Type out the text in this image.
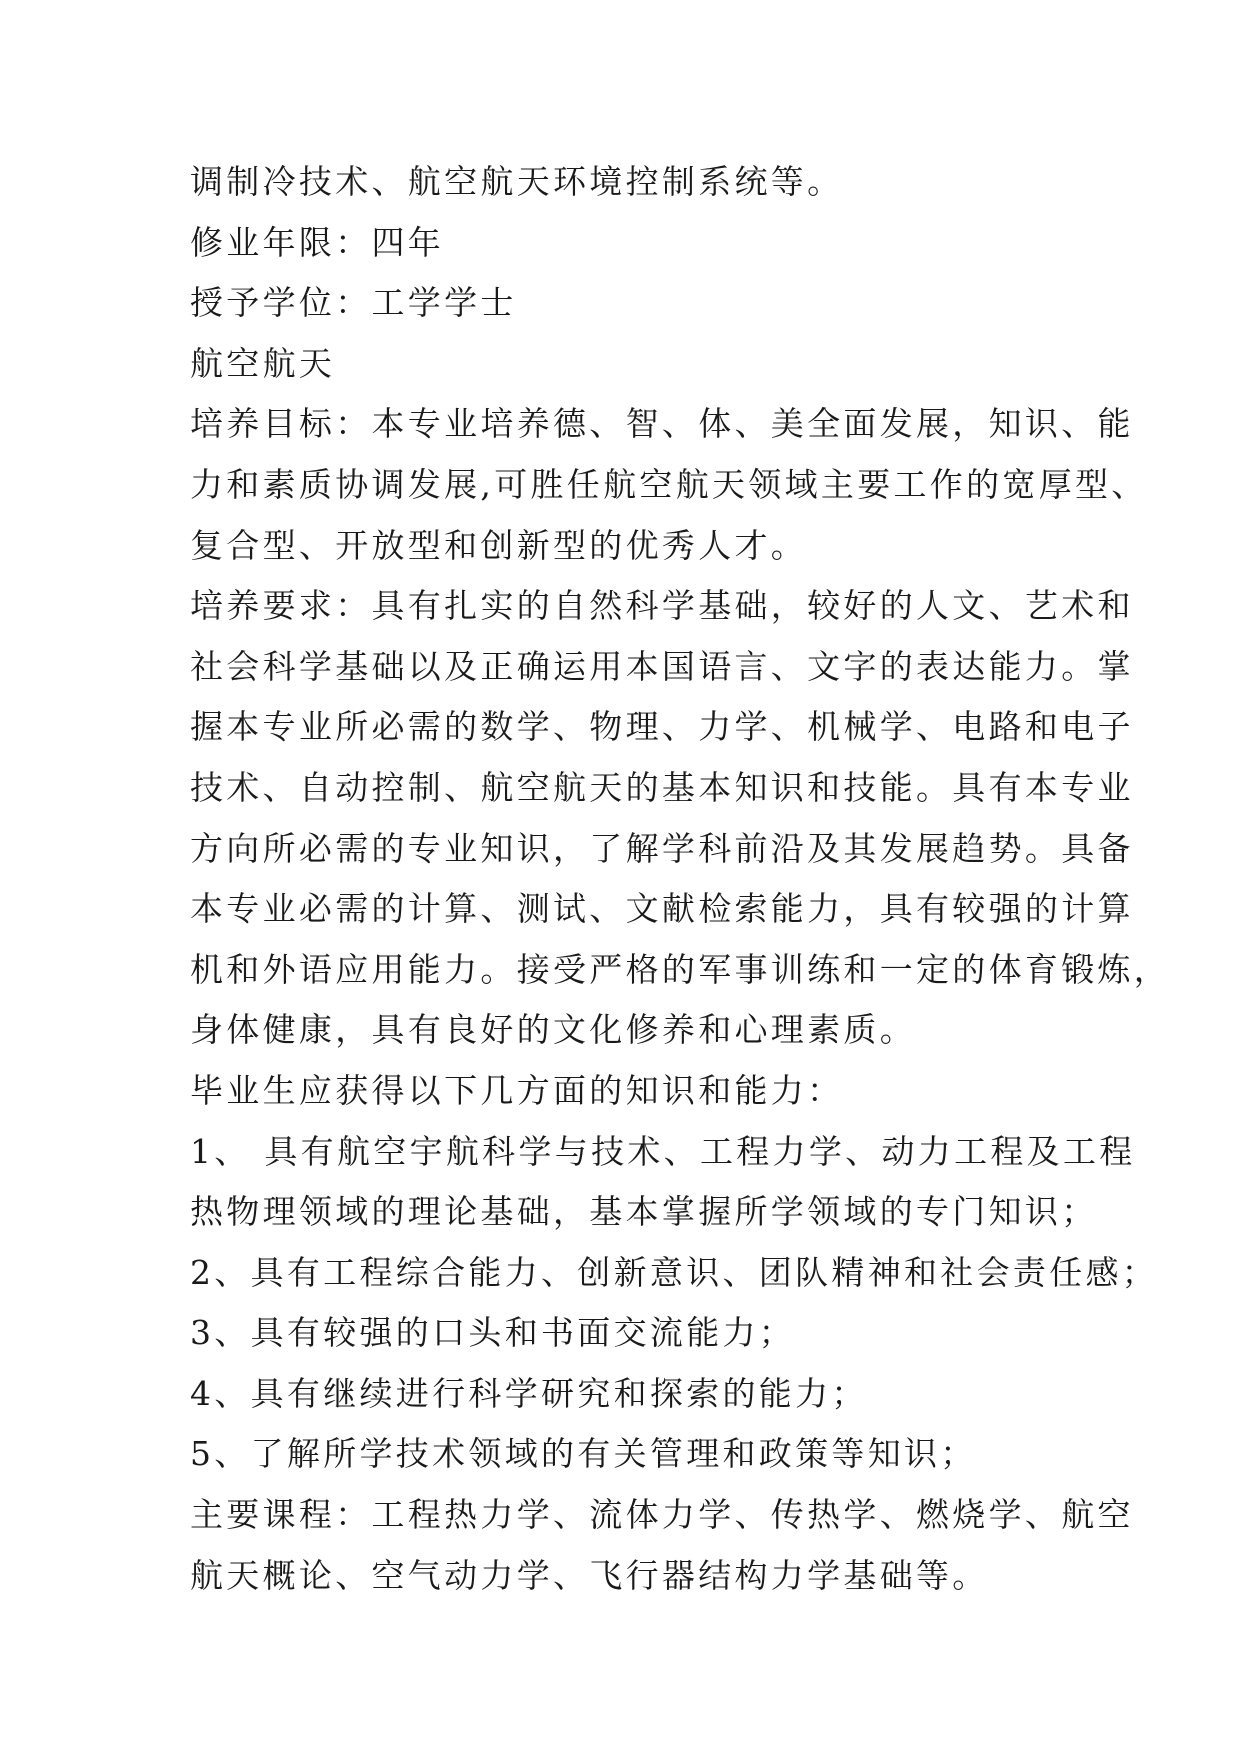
调制冷技术、航空航天环境控制系统等。
修业年限：四年
授予学位：工学学士
航空航天
培养目标：本专业培养德、智、体、美全面发展，知识、能
力和素质协调发展,可胜任航空航天领域主要工作的宽厚型、
复合型、开放型和创新型的优秀人才。
培养要求：具有扎实的自然科学基础，较好的人文、艺术和
社会科学基础以及正确运用本国语言、文字的表达能力。掌
握本专业所必需的数学、物理、力学、机械学、电路和电子
技术、自动控制、航空航天的基本知识和技能。具有本专业
方向所必需的专业知识，了解学科前沿及其发展趋势。具备
本专业必需的计算、测试、文献检索能力，具有较强的计算
机和外语应用能力。接受严格的军事训练和一定的体育锻炼，
身体健康，具有良好的文化修养和心理素质。
毕业生应获得以下几方面的知识和能力：
1、 具有航空宇航科学与技术、工程力学、动力工程及工程
热物理领域的理论基础，基本掌握所学领域的专门知识；
2、具有工程综合能力、创新意识、团队精神和社会责任感；
3、具有较强的口头和书面交流能力；
4、具有继续进行科学研究和探索的能力；
5、了解所学技术领域的有关管理和政策等知识；
主要课程：工程热力学、流体力学、传热学、燃烧学、航空
航天概论、空气动力学、飞行器结构力学基础等。
